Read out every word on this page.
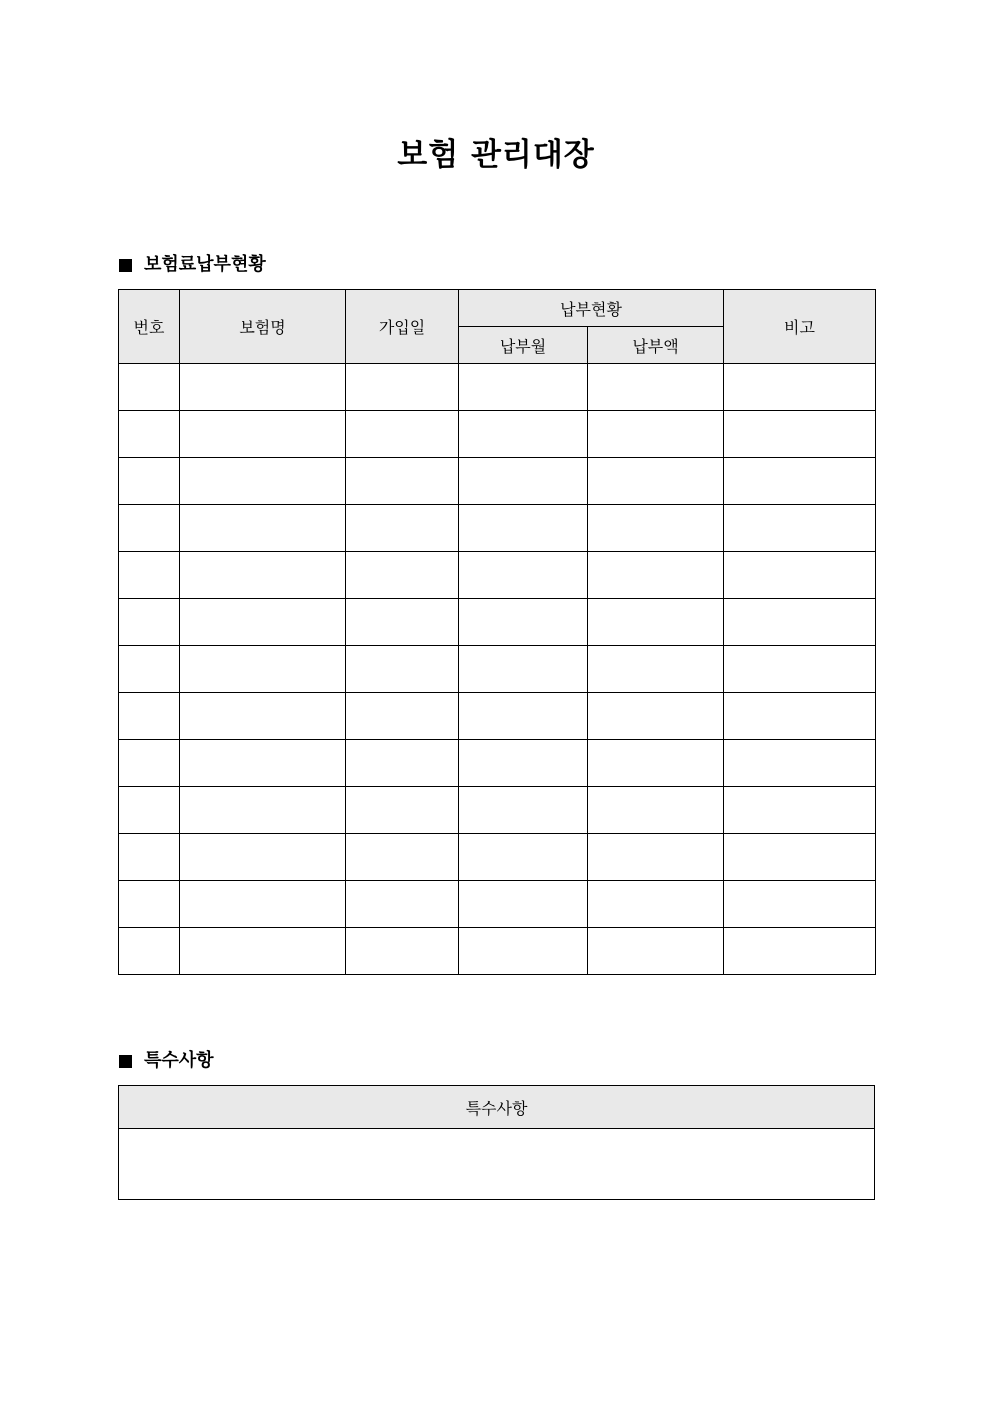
보험 관리대장
보험료납부현황
번호	보험명	가입일	납부현황		비고
			납부월	납부액	

특수사항
특수사항
